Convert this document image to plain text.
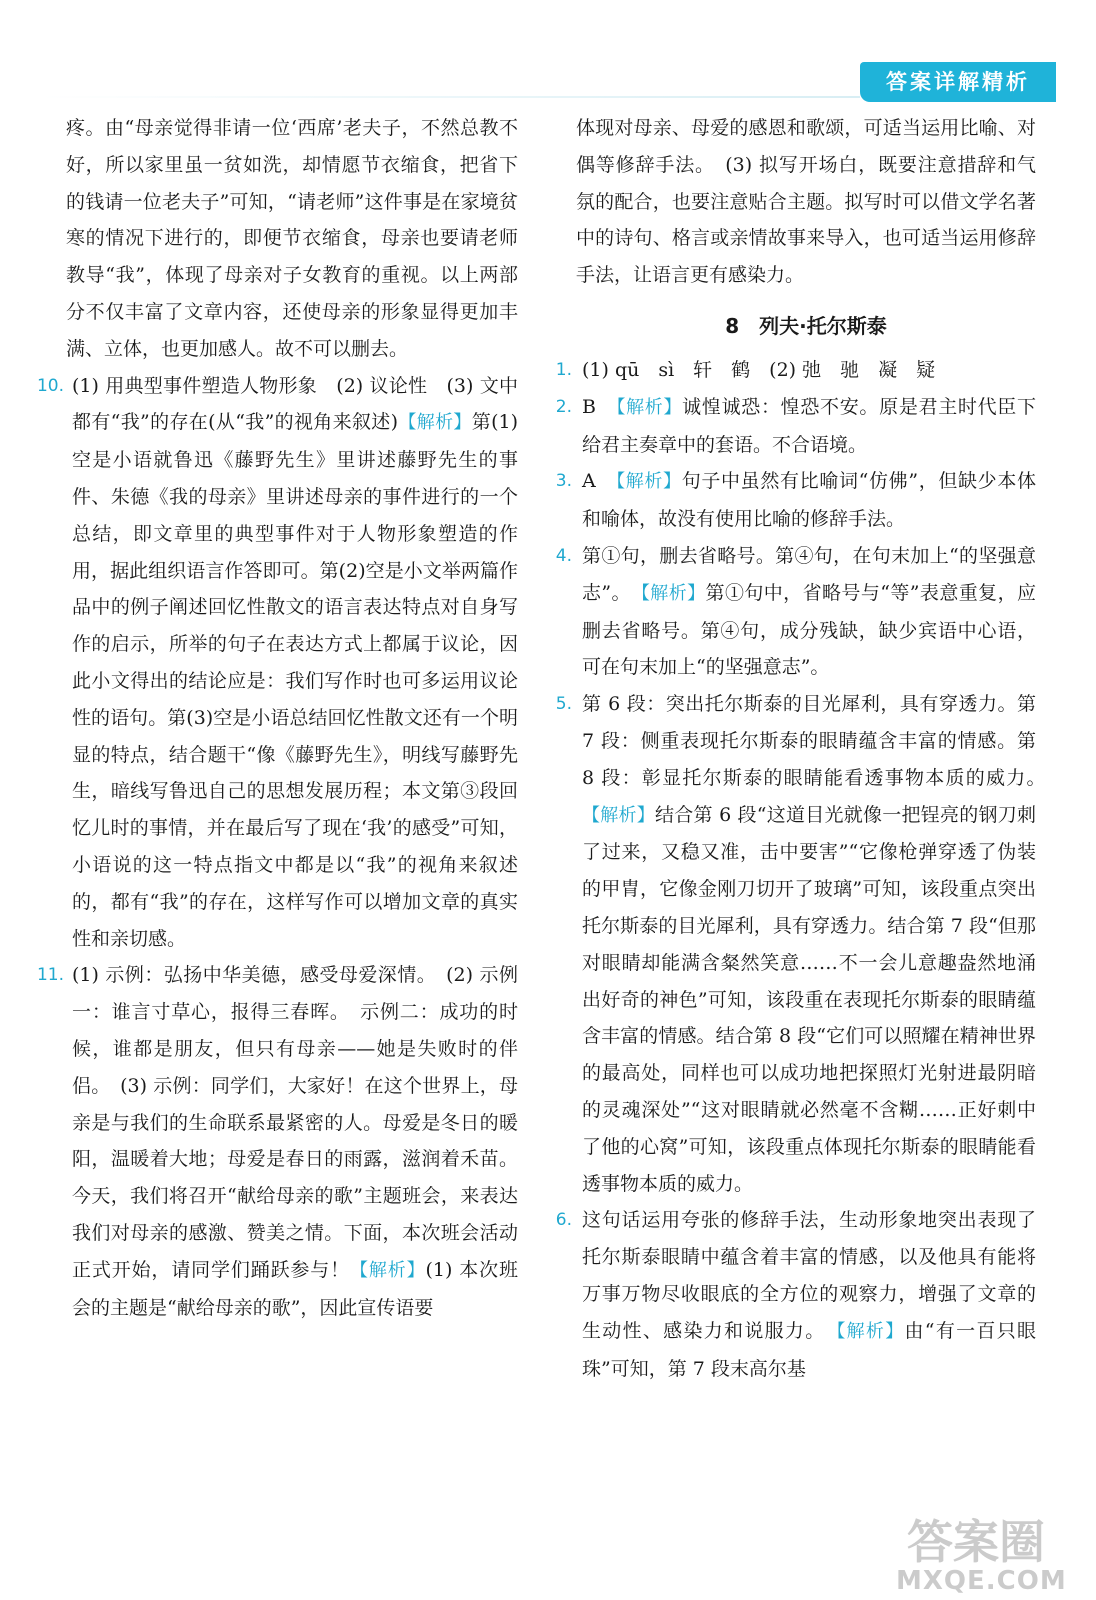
答案详解精析

疼。由“母亲觉得非请一位‘西席’老夫子，不然总教不好，所以家里虽一贫如洗，却情愿节衣缩食，把省下的钱请一位老夫子”可知，“请老师”这件事是在家境贫寒的情况下进行的，即便节衣缩食，母亲也要请老师教导“我”，体现了母亲对子女教育的重视。以上两部分不仅丰富了文章内容，还使母亲的形象显得更加丰满、立体，也更加感人。故不可以删去。

10. (1) 用典型事件塑造人物形象　(2) 议论性　(3) 文中都有“我”的存在(从“我”的视角来叙述)【解析】第(1)空是小语就鲁迅《藤野先生》里讲述藤野先生的事件、朱德《我的母亲》里讲述母亲的事件进行的一个总结，即文章里的典型事件对于人物形象塑造的作用，据此组织语言作答即可。第(2)空是小文举两篇作品中的例子阐述回忆性散文的语言表达特点对自身写作的启示，所举的句子在表达方式上都属于议论，因此小文得出的结论应是：我们写作时也可多运用议论性的语句。第(3)空是小语总结回忆性散文还有一个明显的特点，结合题干“像《藤野先生》，明线写藤野先生，暗线写鲁迅自己的思想发展历程；本文第③段回忆儿时的事情，并在最后写了现在‘我’的感受”可知，小语说的这一特点指文中都是以“我”的视角来叙述的，都有“我”的存在，这样写作可以增加文章的真实性和亲切感。

11. (1) 示例：弘扬中华美德，感受母爱深情。　(2) 示例一：谁言寸草心，报得三春晖。　示例二：成功的时候，谁都是朋友，但只有母亲——她是失败时的伴侣。　(3) 示例：同学们，大家好！在这个世界上，母亲是与我们的生命联系最紧密的人。母爱是冬日的暖阳，温暖着大地；母爱是春日的雨露，滋润着禾苗。今天，我们将召开“献给母亲的歌”主题班会，来表达我们对母亲的感激、赞美之情。下面，本次班会活动正式开始，请同学们踊跃参与！【解析】(1) 本次班会的主题是“献给母亲的歌”，因此宣传语要

体现对母亲、母爱的感恩和歌颂，可适当运用比喻、对偶等修辞手法。　(3) 拟写开场白，既要注意措辞和气氛的配合，也要注意贴合主题。拟写时可以借文学名著中的诗句、格言或亲情故事来导入，也可适当运用修辞手法，让语言更有感染力。

8　列夫·托尔斯泰
1. (1) qū　sì　轩　鹤　(2) 弛　驰　凝　疑

2. B　 【解析】诚惶诚恐：惶恐不安。原是君主时代臣下给君主奏章中的套语。不合语境。

3. A　 【解析】句子中虽然有比喻词“仿佛”，但缺少本体和喻体，故没有使用比喻的修辞手法。

4. 第①句，删去省略号。第④句，在句末加上“的坚强意志”。　 【解析】第①句中，省略号与“等”表意重复，应删去省略号。第④句，成分残缺，缺少宾语中心语，可在句末加上“的坚强意志”。

5. 第 6 段：突出托尔斯泰的目光犀利，具有穿透力。第 7 段：侧重表现托尔斯泰的眼睛蕴含丰富的情感。第 8 段：彰显托尔斯泰的眼睛能看透事物本质的威力。　【解析】结合第 6 段“这道目光就像一把锃亮的钢刀刺了过来，又稳又准，击中要害”“它像枪弹穿透了伪装的甲胄，它像金刚刀切开了玻璃”可知，该段重点突出托尔斯泰的目光犀利，具有穿透力。结合第 7 段“但那对眼睛却能满含粲然笑意……不一会儿意趣盎然地涌出好奇的神色”可知，该段重在表现托尔斯泰的眼睛蕴含丰富的情感。结合第 8 段“它们可以照耀在精神世界的最高处，同样也可以成功地把探照灯光射进最阴暗的灵魂深处”“这对眼睛就必然毫不含糊……正好刺中了他的心窝”可知，该段重点体现托尔斯泰的眼睛能看透事物本质的威力。

6. 这句话运用夸张的修辞手法，生动形象地突出表现了托尔斯泰眼睛中蕴含着丰富的情感，以及他具有能将万事万物尽收眼底的全方位的观察力，增强了文章的生动性、感染力和说服力。　 【解析】由“有一百只眼珠”可知，第 7 段末高尔基

答案圈
MXQE.COM
